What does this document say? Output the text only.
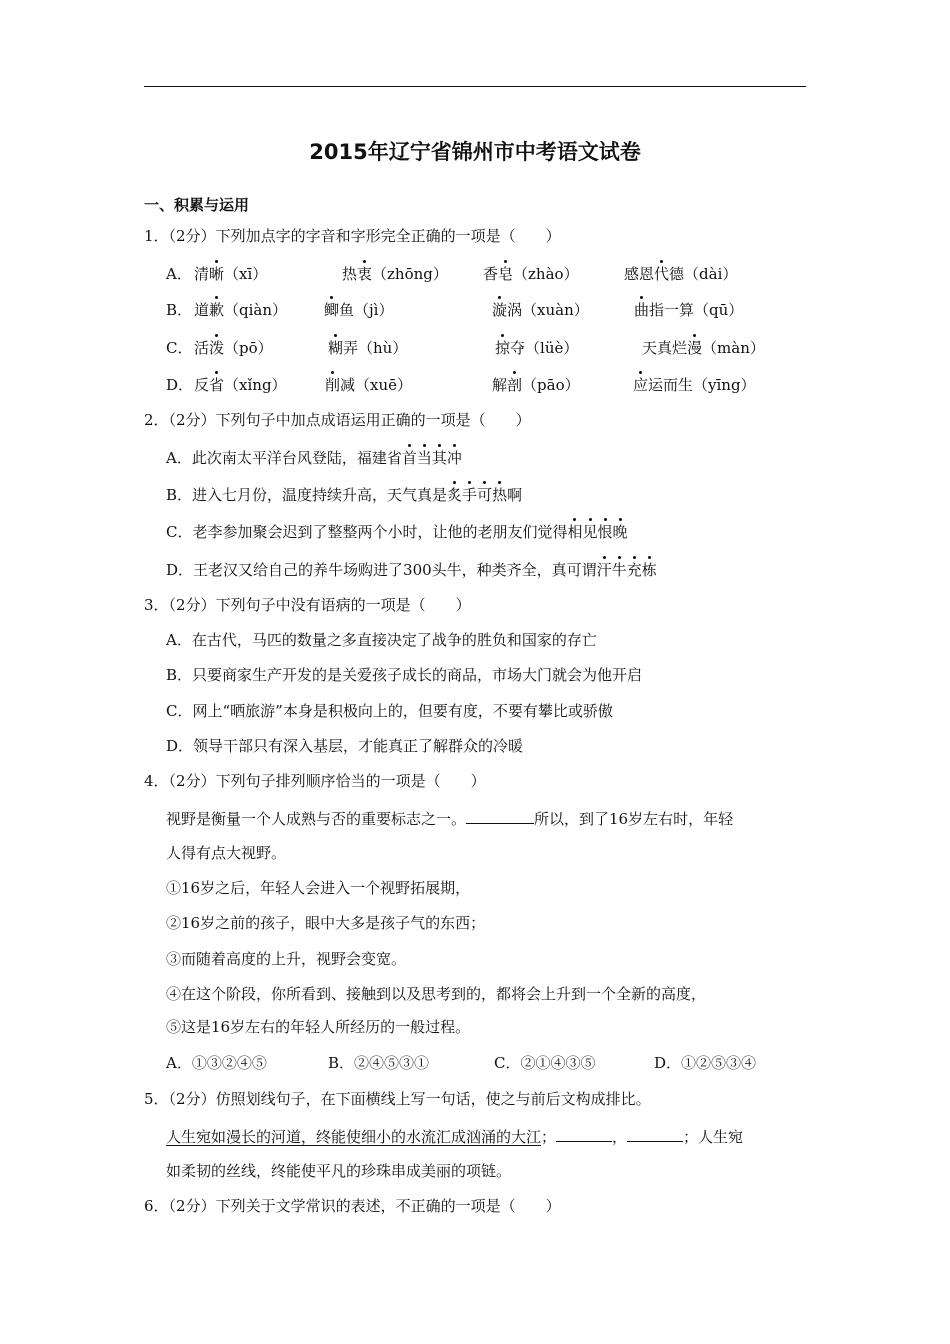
2015年辽宁省锦州市中考语文试卷
一、积累与运用
1．（2分）下列加点字的字音和字形完全正确的一项是（　　）
A． 清晰（xī）	热衷（zhōng） 香皂（zhào）	感恩代德（dài）
B． 道歉（qiàn） 鲫鱼（jì）	漩涡（xuàn）	曲指一算（qū）
C． 活泼（pō）	糊弄（hù）	掠夺（lüè）	天真烂漫（màn）
D． 反省（xǐng）	削减（xuē）	解剖（pāo）	应运而生（yīng）
2．（2分）下列句子中加点成语运用正确的一项是（　　）
A．此次南太平洋台风登陆，福建省首当其冲
B．进入七月份，温度持续升高，天气真是炙手可热啊
C．老李参加聚会迟到了整整两个小时，让他的老朋友们觉得相见恨晚
D．王老汉又给自己的养牛场购进了300头牛，种类齐全，真可谓汗牛充栋
3．（2分）下列句子中没有语病的一项是（　　）
A．在古代，马匹的数量之多直接决定了战争的胜负和国家的存亡
B．只要商家生产开发的是关爱孩子成长的商品，市场大门就会为他开启
C．网上“晒旅游”本身是积极向上的，但要有度，不要有攀比或骄傲
D．领导干部只有深入基层，才能真正了解群众的冷暖
4．（2分）下列句子排列顺序恰当的一项是（　　）
视野是衡量一个人成熟与否的重要标志之一。	所以，到了16岁左右时，年轻
人得有点大视野。
①16岁之后，年轻人会进入一个视野拓展期，
②16岁之前的孩子，眼中大多是孩子气的东西；
③而随着高度的上升，视野会变宽。
④在这个阶段，你所看到、接触到以及思考到的，都将会上升到一个全新的高度，
⑤这是16岁左右的年轻人所经历的一般过程。
A．①③②④⑤	B．②④⑤③①	C．②①④③⑤	D．①②⑤③④
5．（2分）仿照划线句子，在下面横线上写一句话，使之与前后文构成排比。
人生宛如漫长的河道，终能使细小的水流汇成汹涌的大江；	，	；人生宛
如柔韧的丝线，终能使平凡的珍珠串成美丽的项链。
6．（2分）下列关于文学常识的表述，不正确的一项是（　　）
